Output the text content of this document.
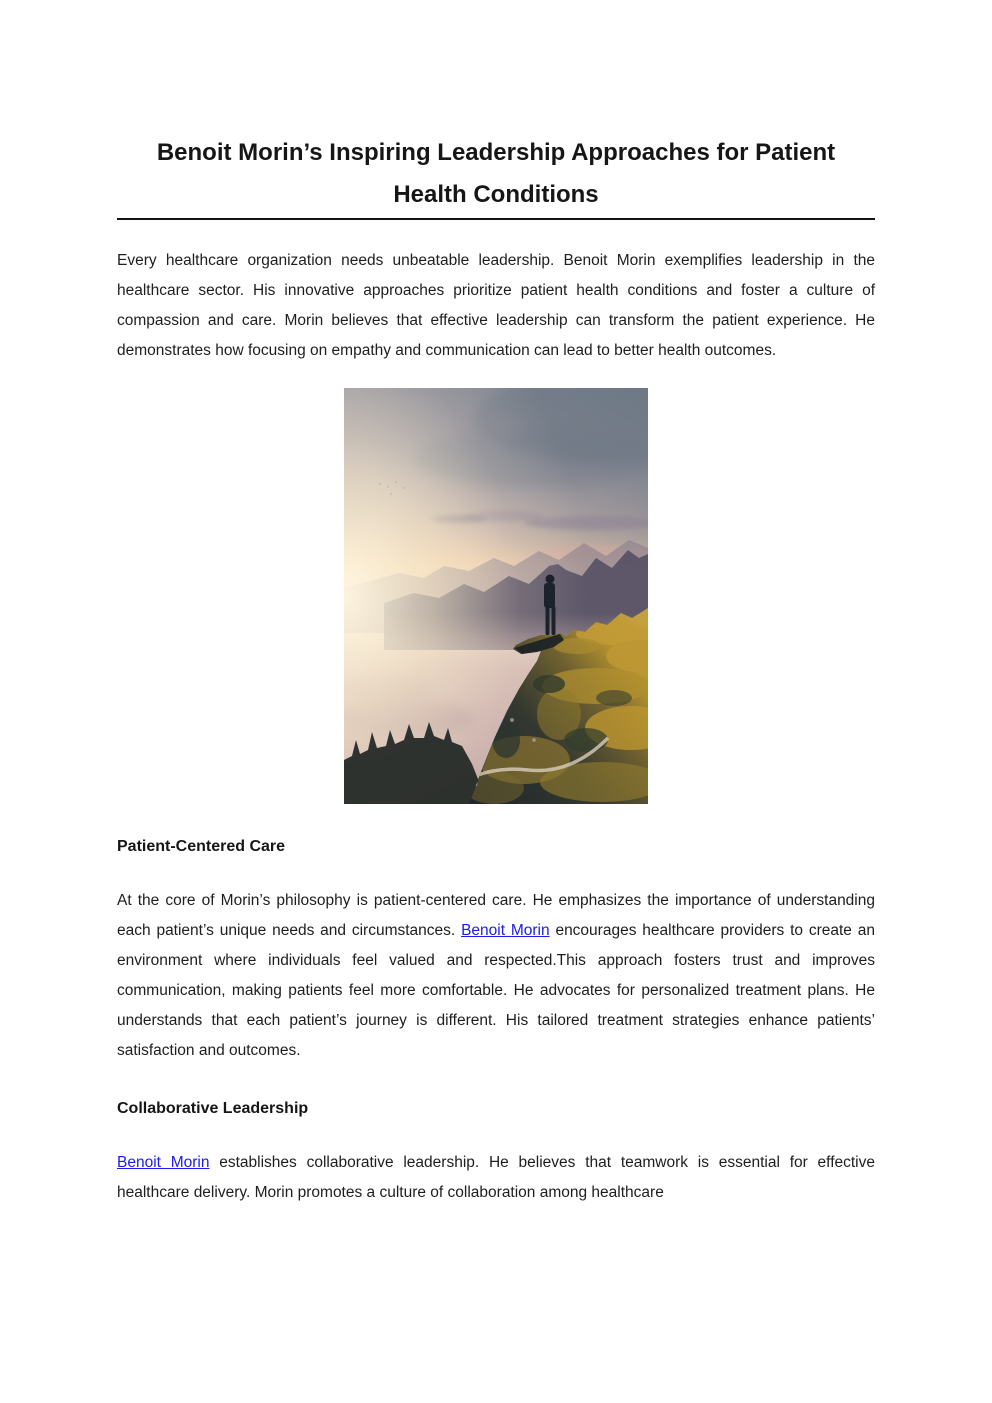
Benoit Morin’s Inspiring Leadership Approaches for Patient Health Conditions

Every healthcare organization needs unbeatable leadership. Benoit Morin exemplifies leadership in the healthcare sector. His innovative approaches prioritize patient health conditions and foster a culture of compassion and care. Morin believes that effective leadership can transform the patient experience. He demonstrates how focusing on empathy and communication can lead to better health outcomes.

Patient-Centered Care

At the core of Morin’s philosophy is patient-centered care. He emphasizes the importance of understanding each patient’s unique needs and circumstances. Benoit Morin encourages healthcare providers to create an environment where individuals feel valued and respected.This approach fosters trust and improves communication, making patients feel more comfortable. He advocates for personalized treatment plans. He understands that each patient’s journey is different. His tailored treatment strategies enhance patients’ satisfaction and outcomes.

Collaborative Leadership

Benoit Morin establishes collaborative leadership. He believes that teamwork is essential for effective healthcare delivery. Morin promotes a culture of collaboration among healthcare
